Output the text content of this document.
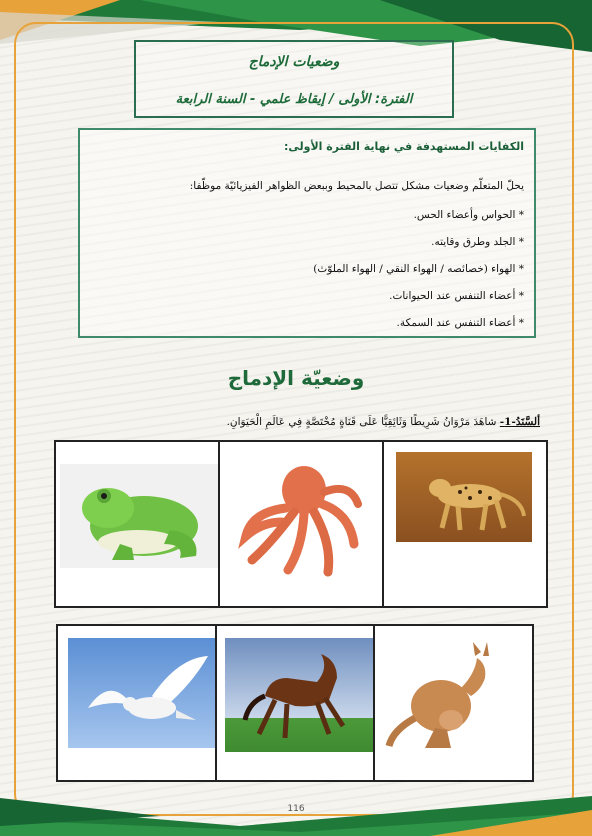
وضعيات الإدماج
الفترة: الأولى / إيقاظ علمي - السنة الرابعة
الكفايات المستهدفة في نهاية الفترة الأولى:
يحلّ المتعلّم وضعيات مشكل تتصل بالمحيط وببعض الظواهر الفيزيائيّة موظّفا:
* الحواس وأعضاء الحس.
* الجلد وطرق وقايته.
* الهواء (خصائصه / الهواء النقي / الهواء الملوّث)
* أعضاء التنفس عند الحيوانات.
* أعضاء التنفس عند السمكة.
وضعيّة الإدماج
ألسَّنَدُ-1- شاهَدَ مَرْوَانُ شَرِيطًا وَثَائِقِيًّا عَلَى قَنَاةٍ مُخْتَصَّةٍ فِي عَالَمِ الْحَيَوَانِ.
116
